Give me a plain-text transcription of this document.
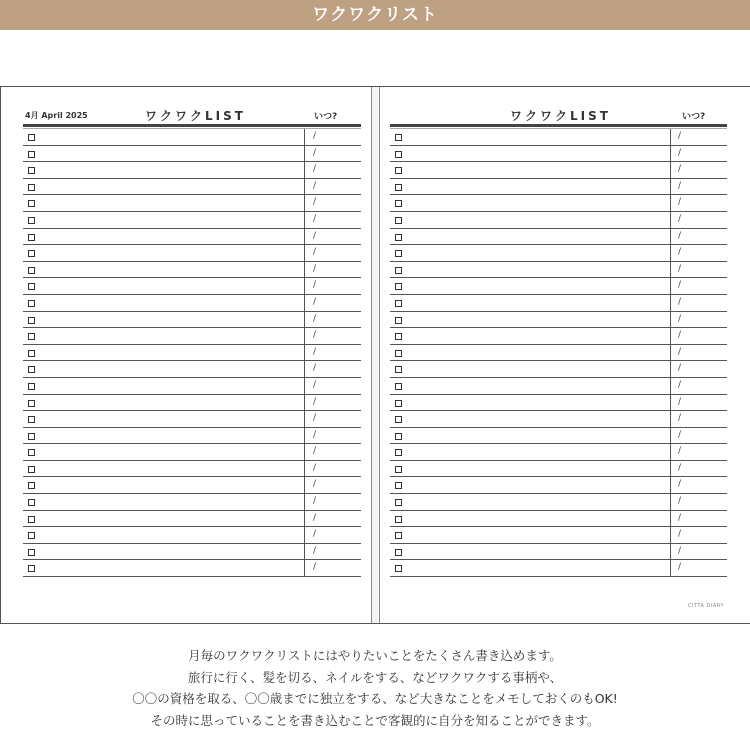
ワクワクリスト
4月 April 2025	ワクワクLIST	いつ?
/
/
/
/
/
/
/
/
/
/
/
/
/
/
/
/
/
/
/
/
/
/
/
/
/
/
/
ワクワクLIST	いつ?
/
/
/
/
/
/
/
/
/
/
/
/
/
/
/
/
/
/
/
/
/
/
/
/
/
/
/
CITTA DIARY
月毎のワクワクリストにはやりたいことをたくさん書き込めます。
旅行に行く、髪を切る、ネイルをする、などワクワクする事柄や、
〇〇の資格を取る、〇〇歳までに独立をする、など大きなことをメモしておくのもOK!
その時に思っていることを書き込むことで客観的に自分を知ることができます。
